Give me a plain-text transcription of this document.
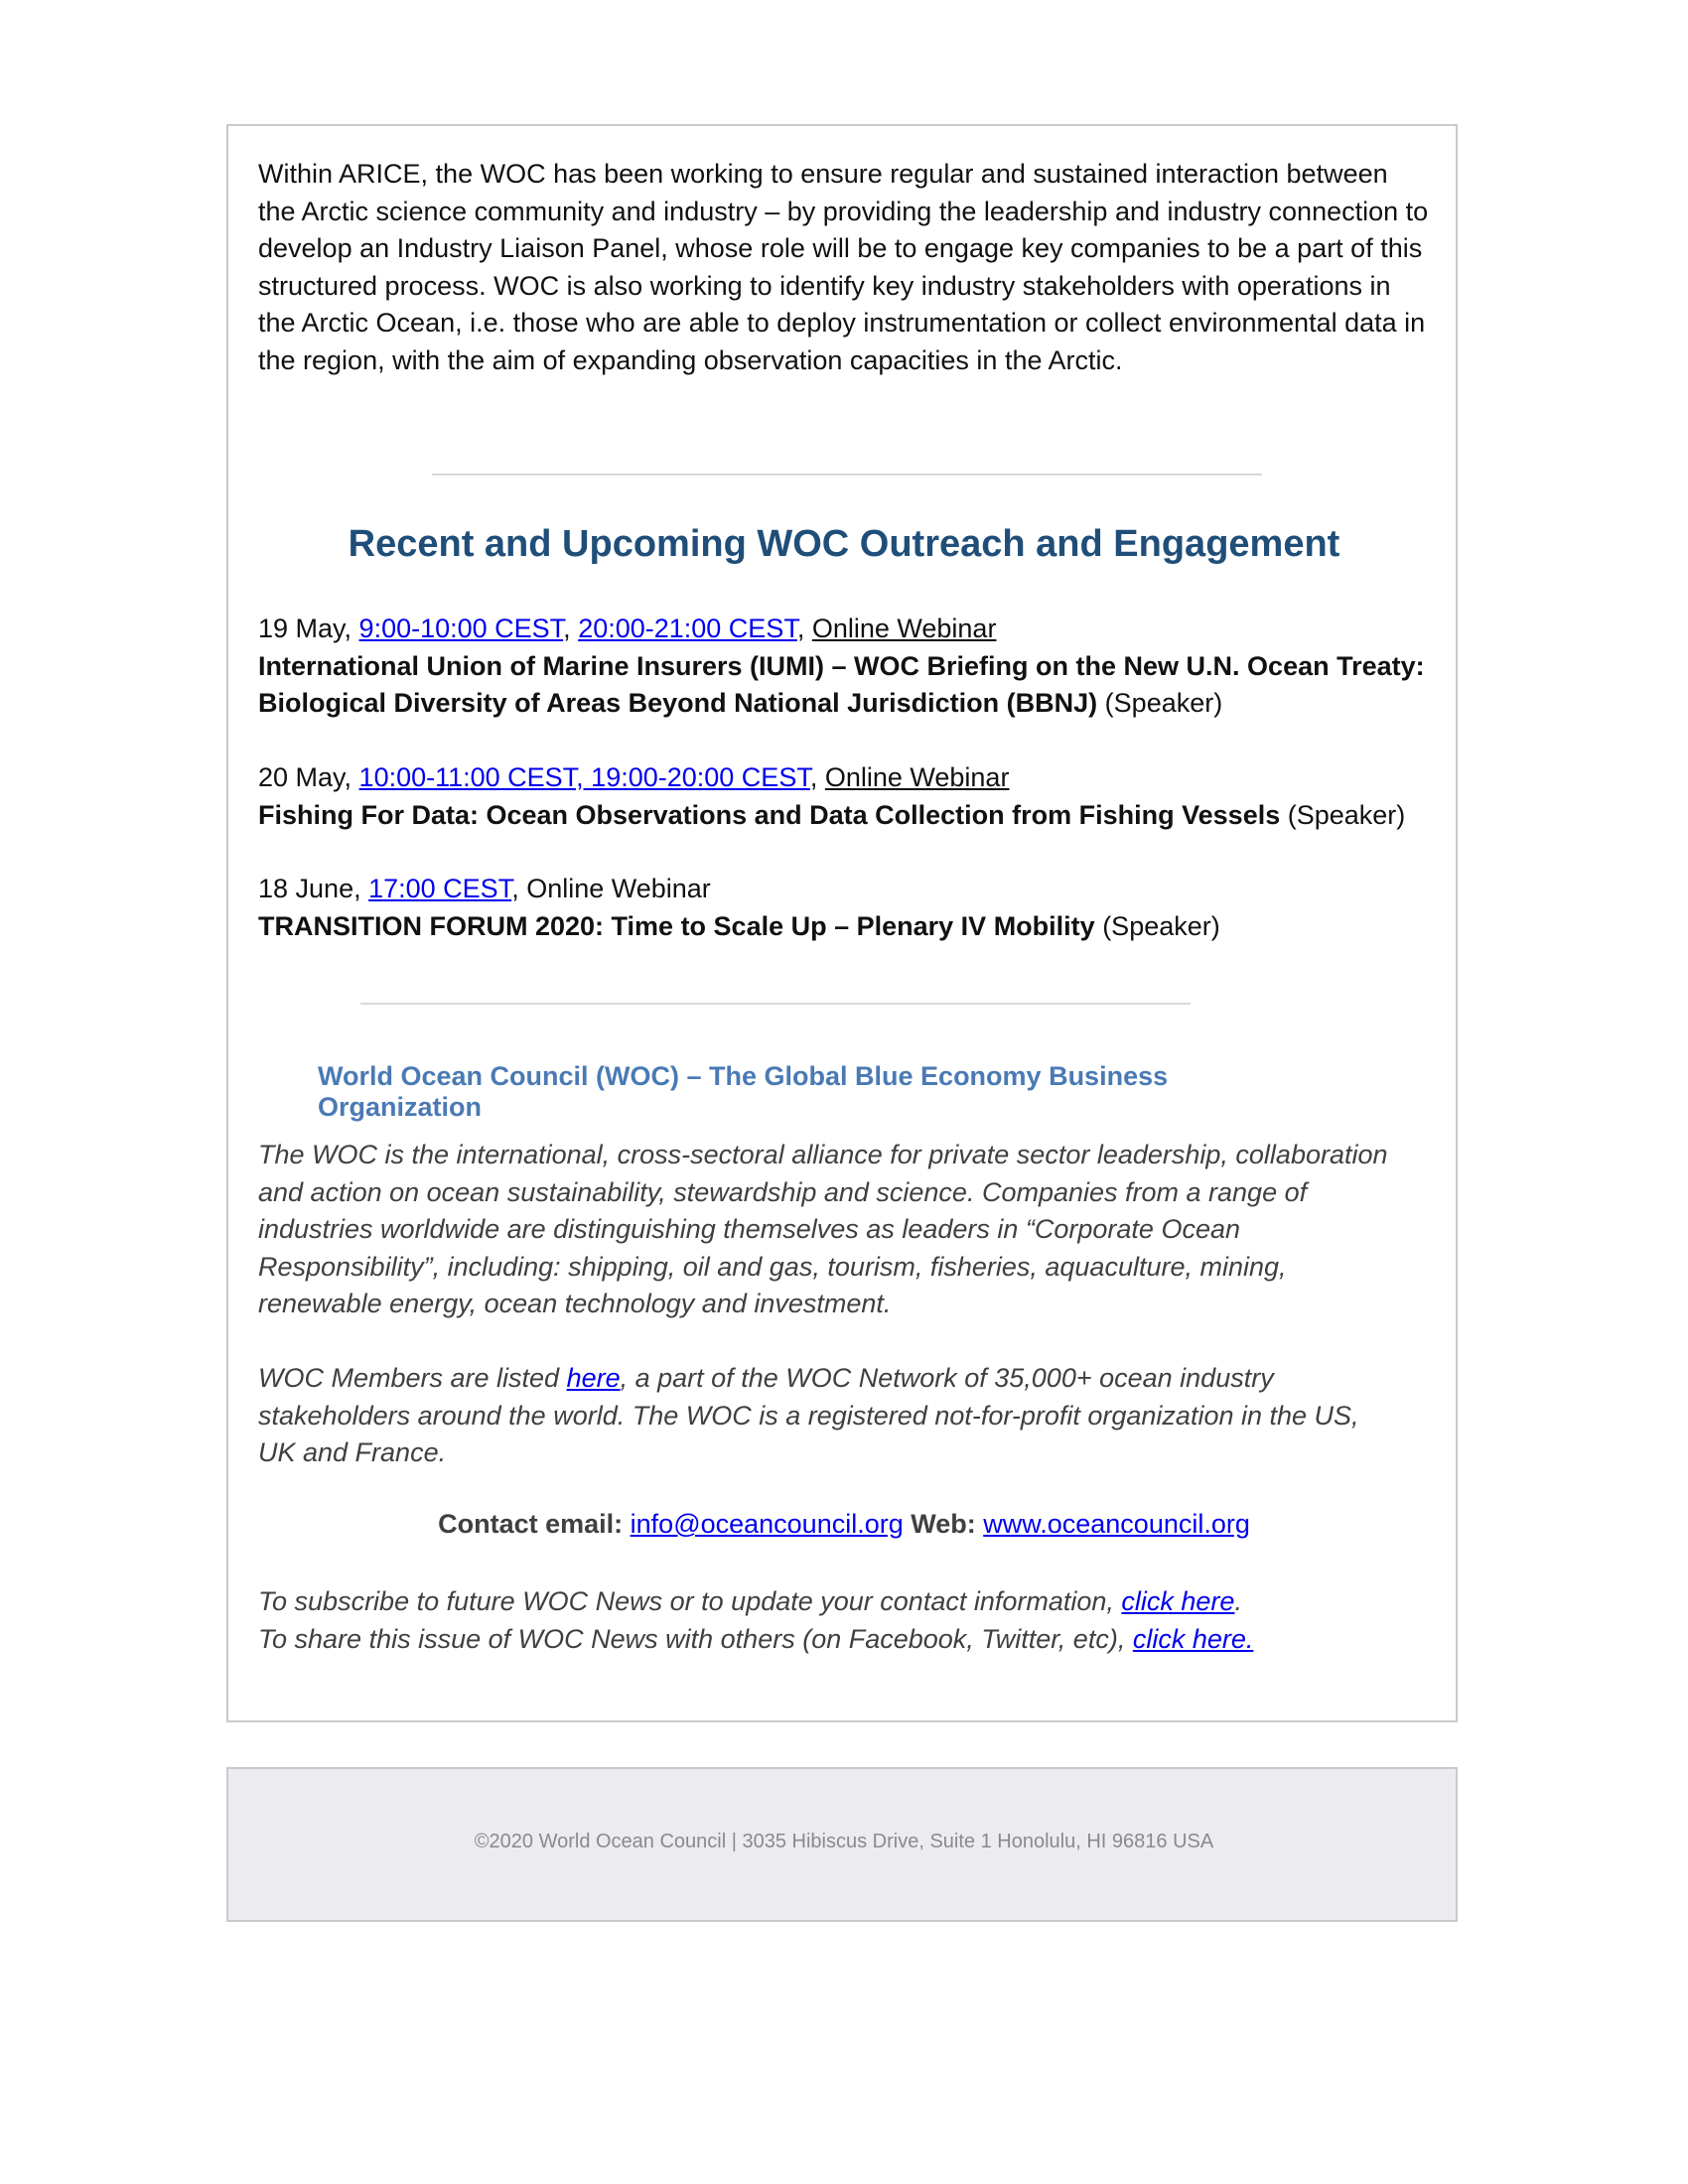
Within ARICE, the WOC has been working to ensure regular and sustained interaction between the Arctic science community and industry – by providing the leadership and industry connection to develop an Industry Liaison Panel, whose role will be to engage key companies to be a part of this structured process. WOC is also working to identify key industry stakeholders with operations in the Arctic Ocean, i.e. those who are able to deploy instrumentation or collect environmental data in the region, with the aim of expanding observation capacities in the Arctic.

Recent and Upcoming WOC Outreach and Engagement
19 May, 9:00-10:00 CEST, 20:00-21:00 CEST, Online Webinar
International Union of Marine Insurers (IUMI) – WOC Briefing on the New U.N. Ocean Treaty: Biological Diversity of Areas Beyond National Jurisdiction (BBNJ) (Speaker)
20 May, 10:00-11:00 CEST, 19:00-20:00 CEST, Online Webinar
Fishing For Data: Ocean Observations and Data Collection from Fishing Vessels (Speaker)
18 June, 17:00 CEST, Online Webinar
TRANSITION FORUM 2020: Time to Scale Up – Plenary IV Mobility (Speaker)
World Ocean Council (WOC) – The Global Blue Economy Business Organization

The WOC is the international, cross-sectoral alliance for private sector leadership, collaboration and action on ocean sustainability, stewardship and science. Companies from a range of industries worldwide are distinguishing themselves as leaders in “Corporate Ocean Responsibility”, including: shipping, oil and gas, tourism, fisheries, aquaculture, mining, renewable energy, ocean technology and investment.

WOC Members are listed here, a part of the WOC Network of 35,000+ ocean industry stakeholders around the world. The WOC is a registered not-for-profit organization in the US, UK and France.

Contact email: info@oceancouncil.org Web: www.oceancouncil.org
To subscribe to future WOC News or to update your contact information, click here.
To share this issue of WOC News with others (on Facebook, Twitter, etc), click here.
©2020 World Ocean Council | 3035 Hibiscus Drive, Suite 1 Honolulu, HI 96816 USA
